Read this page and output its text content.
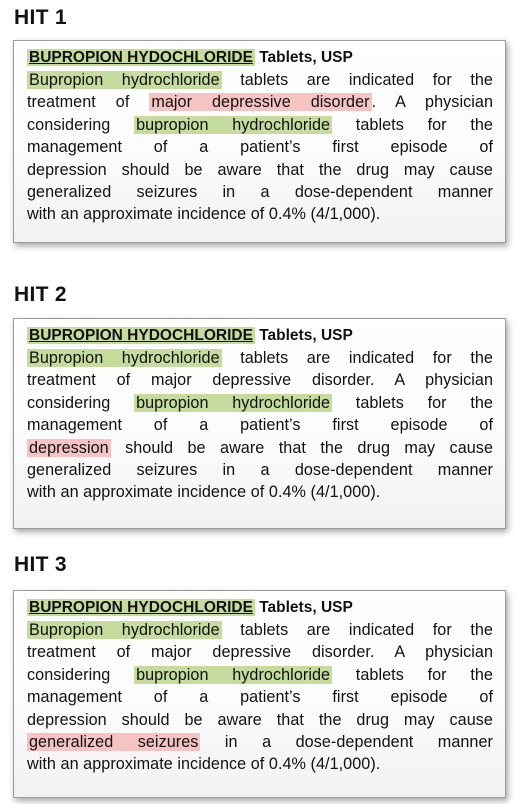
HIT 1
BUPROPION HYDOCHLORIDE Tablets, USP
Bupropion hydrochloride tablets are indicated for the
treatment of major depressive disorder . A physician
considering bupropion hydrochloride tablets for the
management of a patient’s first episode of
depression should be aware that the drug may cause
generalized seizures in a dose-dependent manner
with an approximate incidence of 0.4% (4/1,000).
HIT 2
BUPROPION HYDOCHLORIDE Tablets, USP
Bupropion hydrochloride tablets are indicated for the
treatment of major depressive disorder. A physician
considering bupropion hydrochloride tablets for the
management of a patient’s first episode of
depression should be aware that the drug may cause
generalized seizures in a dose-dependent manner
with an approximate incidence of 0.4% (4/1,000).
HIT 3
BUPROPION HYDOCHLORIDE Tablets, USP
Bupropion hydrochloride tablets are indicated for the
treatment of major depressive disorder. A physician
considering bupropion hydrochloride tablets for the
management of a patient’s first episode of
depression should be aware that the drug may cause
generalized seizures in a dose-dependent manner
with an approximate incidence of 0.4% (4/1,000).
